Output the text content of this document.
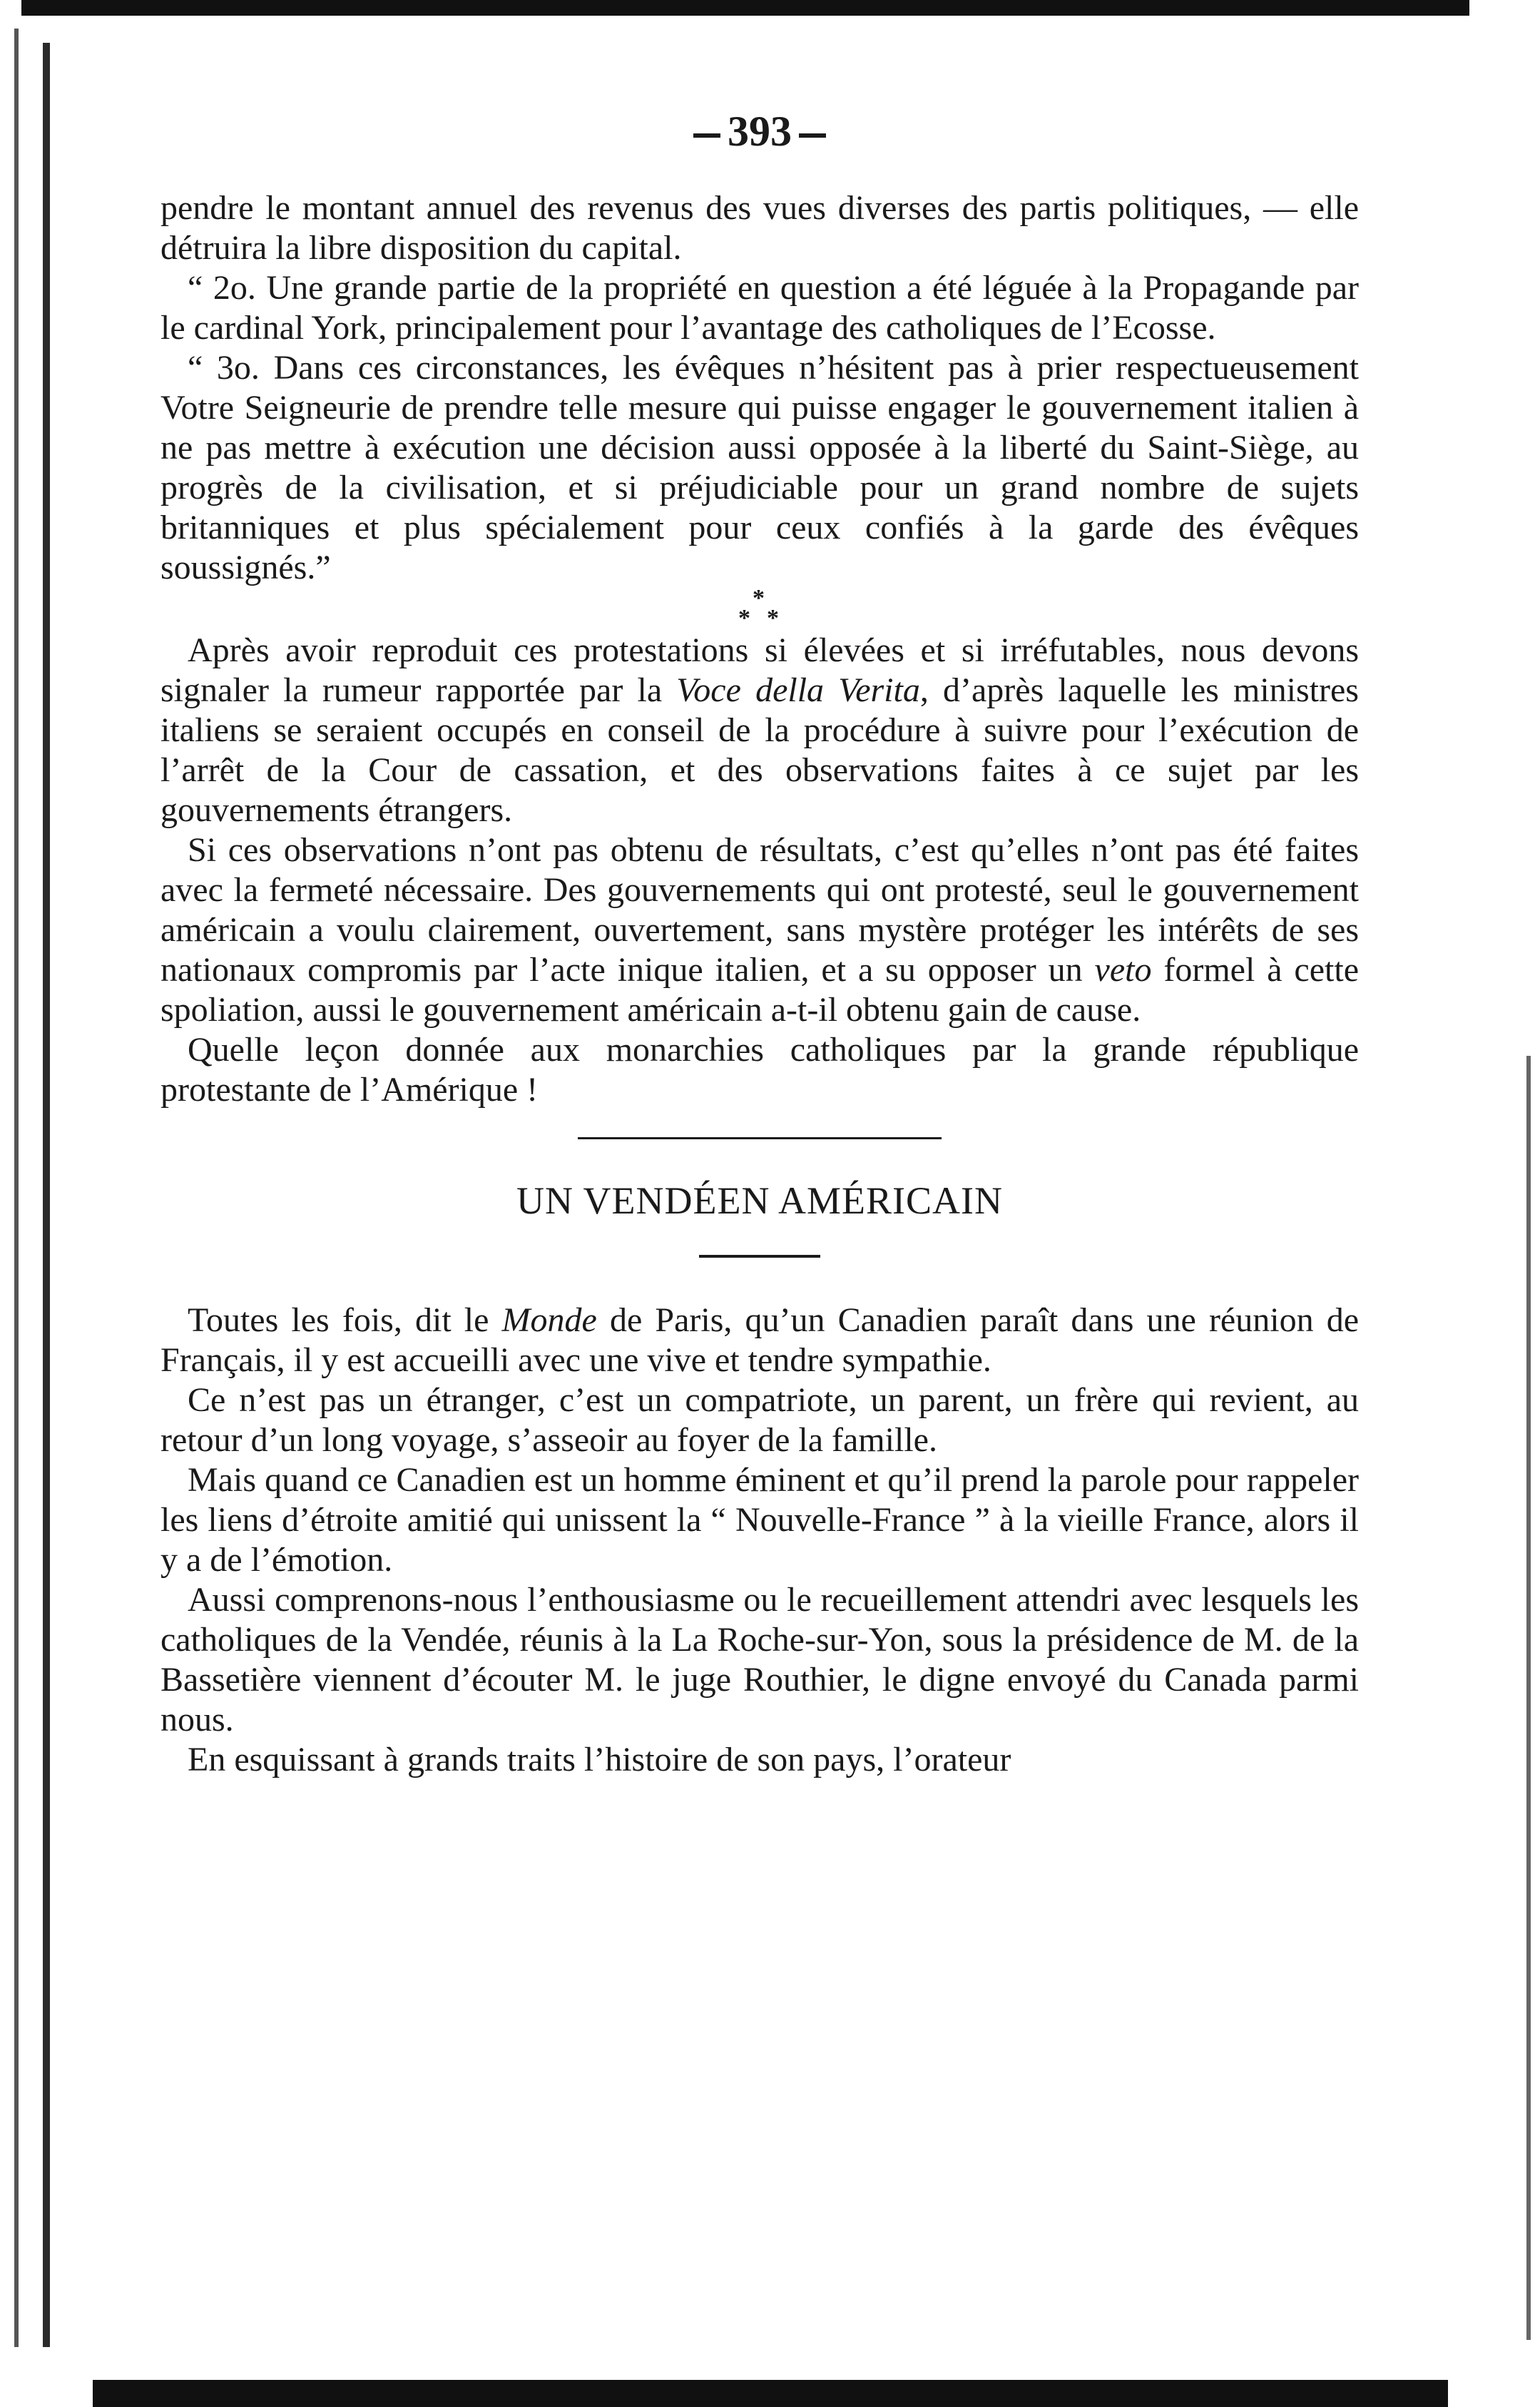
393

pendre le montant annuel des revenus des vues diverses des partis politiques, — elle détruira la libre disposition du capital.

“ 2o. Une grande partie de la propriété en question a été léguée à la Propagande par le cardinal York, principalement pour l’avantage des catholiques de l’Ecosse.

“ 3o. Dans ces circonstances, les évêques n’hésitent pas à prier respectueusement Votre Seigneurie de prendre telle mesure qui puisse engager le gouvernement italien à ne pas mettre à exécution une décision aussi opposée à la liberté du Saint-Siège, au progrès de la civilisation, et si préjudiciable pour un grand nombre de sujets britanniques et plus spécialement pour ceux confiés à la garde des évêques soussignés.”

*
* *

Après avoir reproduit ces protestations si élevées et si irréfutables, nous devons signaler la rumeur rapportée par la Voce della Verita, d’après laquelle les ministres italiens se seraient occupés en conseil de la procédure à suivre pour l’exécution de l’arrêt de la Cour de cassation, et des observations faites à ce sujet par les gouvernements étrangers.

Si ces observations n’ont pas obtenu de résultats, c’est qu’elles n’ont pas été faites avec la fermeté nécessaire. Des gouvernements qui ont protesté, seul le gouvernement américain a voulu clairement, ouvertement, sans mystère protéger les intérêts de ses nationaux compromis par l’acte inique italien, et a su opposer un veto formel à cette spoliation, aussi le gouvernement américain a-t-il obtenu gain de cause.

Quelle leçon donnée aux monarchies catholiques par la grande république protestante de l’Amérique !

UN VENDÉEN AMÉRICAIN

Toutes les fois, dit le Monde de Paris, qu’un Canadien paraît dans une réunion de Français, il y est accueilli avec une vive et tendre sympathie.

Ce n’est pas un étranger, c’est un compatriote, un parent, un frère qui revient, au retour d’un long voyage, s’asseoir au foyer de la famille.

Mais quand ce Canadien est un homme éminent et qu’il prend la parole pour rappeler les liens d’étroite amitié qui unissent la “ Nouvelle-France ” à la vieille France, alors il y a de l’émotion.

Aussi comprenons-nous l’enthousiasme ou le recueillement attendri avec lesquels les catholiques de la Vendée, réunis à la La Roche-sur-Yon, sous la présidence de M. de la Bassetière viennent d’écouter M. le juge Routhier, le digne envoyé du Canada parmi nous.

En esquissant à grands traits l’histoire de son pays, l’orateur
